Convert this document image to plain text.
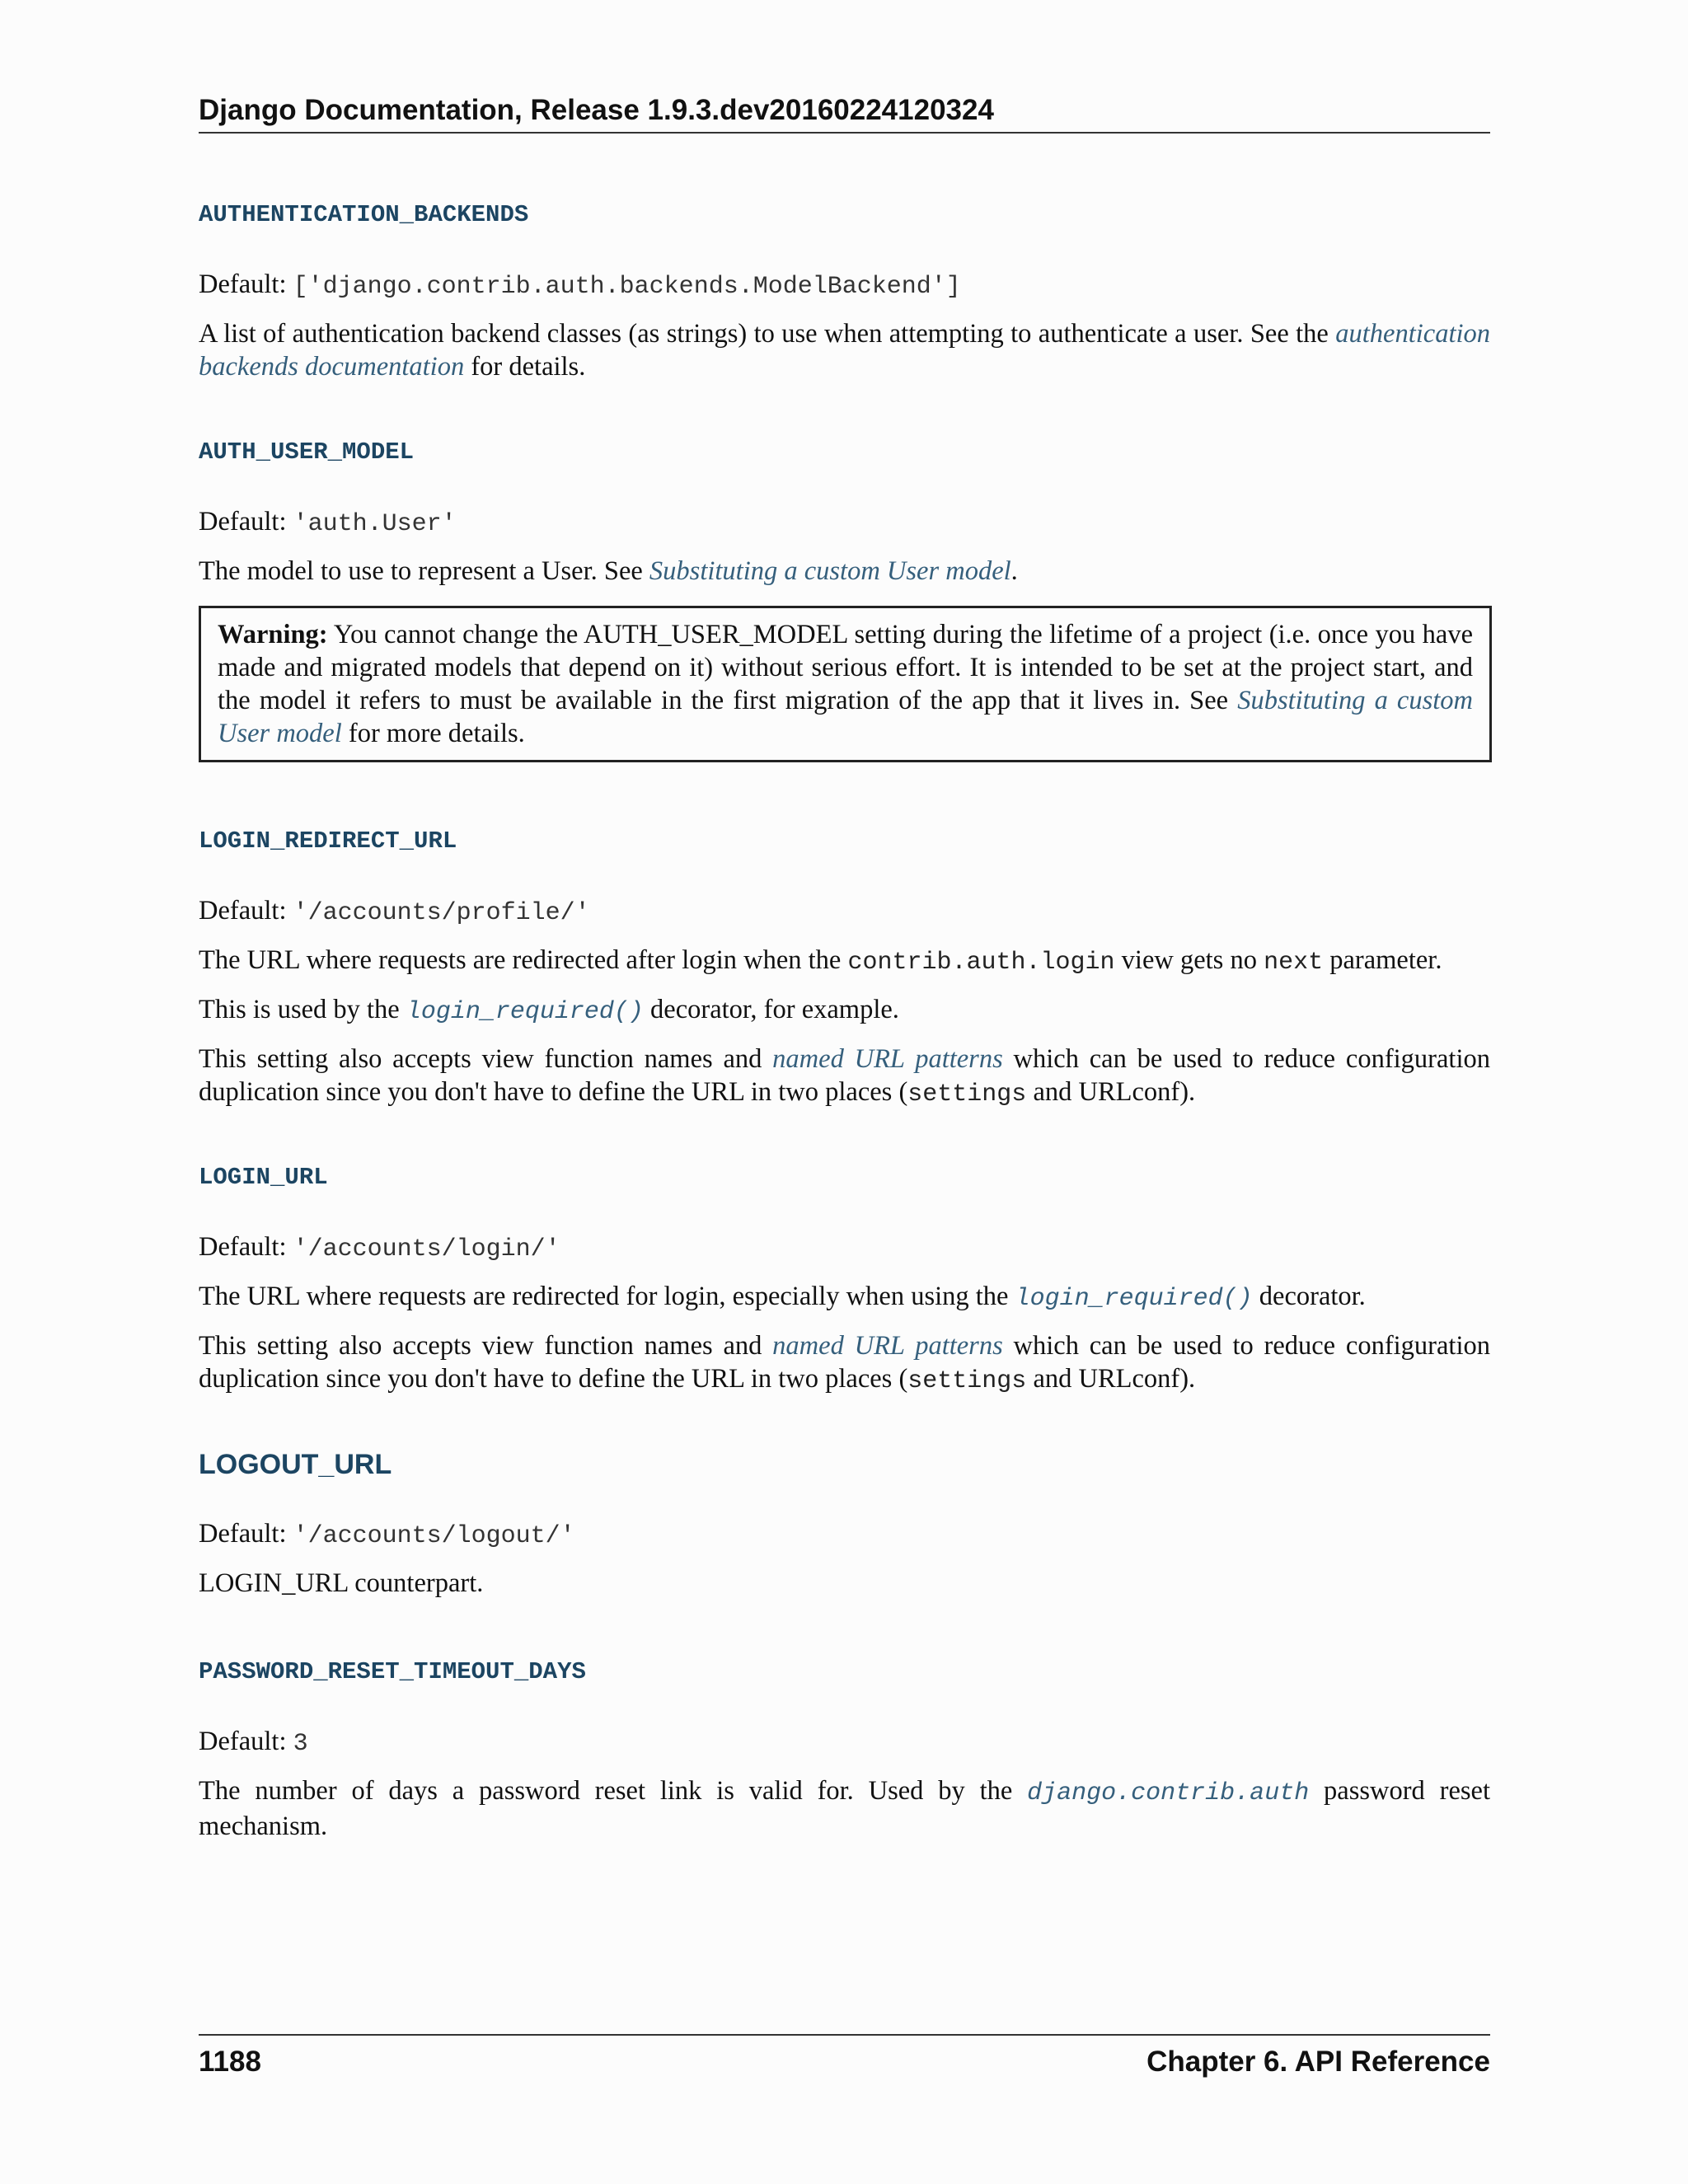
Django Documentation, Release 1.9.3.dev20160224120324
AUTHENTICATION_BACKENDS

Default: ['django.contrib.auth.backends.ModelBackend']

A list of authentication backend classes (as strings) to use when attempting to authenticate a user. See the authentication backends documentation for details.

AUTH_USER_MODEL

Default: 'auth.User'

The model to use to represent a User. See Substituting a custom User model.

Warning: You cannot change the AUTH_USER_MODEL setting during the lifetime of a project (i.e. once you have made and migrated models that depend on it) without serious effort. It is intended to be set at the project start, and the model it refers to must be available in the first migration of the app that it lives in. See Substituting a custom User model for more details.
LOGIN_REDIRECT_URL

Default: '/accounts/profile/'

The URL where requests are redirected after login when the contrib.auth.login view gets no next parameter.

This is used by the login_required() decorator, for example.

This setting also accepts view function names and named URL patterns which can be used to reduce configuration duplication since you don't have to define the URL in two places (settings and URLconf).

LOGIN_URL

Default: '/accounts/login/'

The URL where requests are redirected for login, especially when using the login_required() decorator.

This setting also accepts view function names and named URL patterns which can be used to reduce configuration duplication since you don't have to define the URL in two places (settings and URLconf).

LOGOUT_URL

Default: '/accounts/logout/'

LOGIN_URL counterpart.

PASSWORD_RESET_TIMEOUT_DAYS

Default: 3

The number of days a password reset link is valid for. Used by the django.contrib.auth password reset mechanism.

1188	Chapter 6. API Reference
